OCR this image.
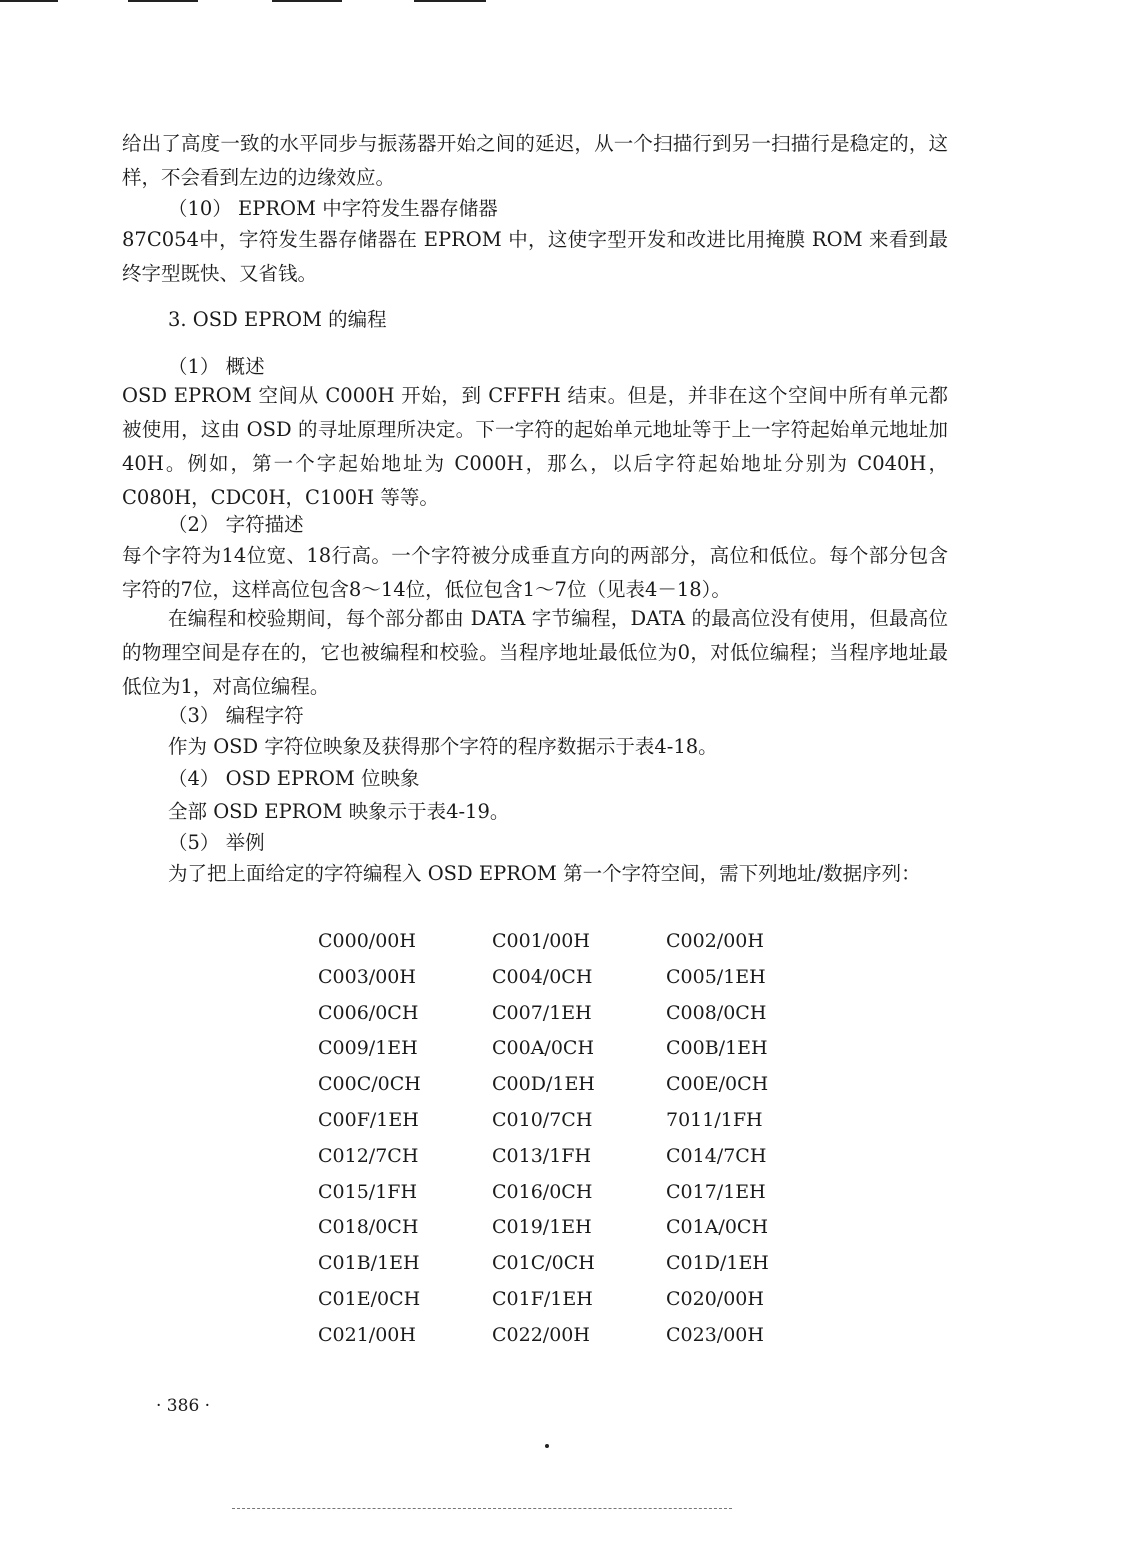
给出了高度一致的水平同步与振荡器开始之间的延迟，从一个扫描行到另一扫描行是稳定的，这样，不会看到左边的边缘效应。

（10） EPROM 中字符发生器存储器

87C054中，字符发生器存储器在 EPROM 中，这使字型开发和改进比用掩膜 ROM 来看到最终字型既快、又省钱。

3. OSD EPROM 的编程

（1） 概述

OSD EPROM 空间从 C000H 开始，到 CFFFH 结束。但是，并非在这个空间中所有单元都被使用，这由 OSD 的寻址原理所决定。下一字符的起始单元地址等于上一字符起始单元地址加40H。例如，第一个字起始地址为 C000H，那么，以后字符起始地址分别为 C040H，C080H，CDC0H，C100H 等等。

（2） 字符描述

每个字符为14位宽、18行高。一个字符被分成垂直方向的两部分，高位和低位。每个部分包含字符的7位，这样高位包含8～14位，低位包含1～7位（见表4－18）。

在编程和校验期间，每个部分都由 DATA 字节编程，DATA 的最高位没有使用，但最高位的物理空间是存在的，它也被编程和校验。当程序地址最低位为0，对低位编程；当程序地址最低位为1，对高位编程。

（3） 编程字符

作为 OSD 字符位映象及获得那个字符的程序数据示于表4-18。

（4） OSD EPROM 位映象

全部 OSD EPROM 映象示于表4-19。

（5） 举例

为了把上面给定的字符编程入 OSD EPROM 第一个字符空间，需下列地址/数据序列：

C000/00H	C001/00H	C002/00H
C003/00H	C004/0CH	C005/1EH
C006/0CH	C007/1EH	C008/0CH
C009/1EH	C00A/0CH	C00B/1EH
C00C/0CH	C00D/1EH	C00E/0CH
C00F/1EH	C010/7CH	7011/1FH
C012/7CH	C013/1FH	C014/7CH
C015/1FH	C016/0CH	C017/1EH
C018/0CH	C019/1EH	C01A/0CH
C01B/1EH	C01C/0CH	C01D/1EH
C01E/0CH	C01F/1EH	C020/00H
C021/00H	C022/00H	C023/00H
· 386 ·
